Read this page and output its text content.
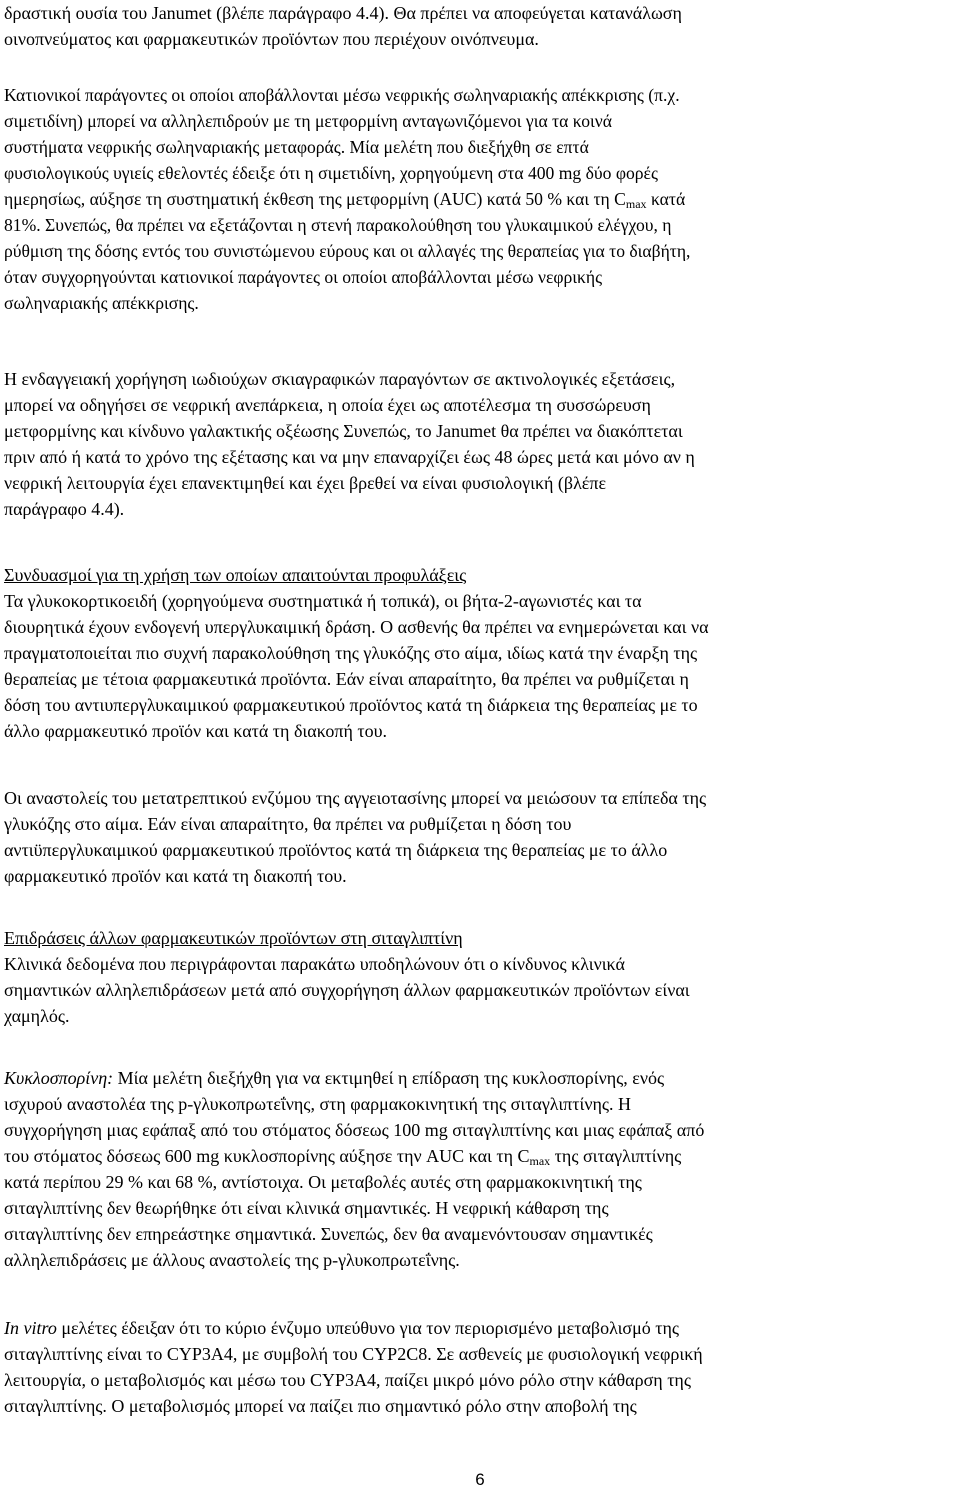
δραστική ουσία του Janumet (βλέπε παράγραφο 4.4). Θα πρέπει να αποφεύγεται κατανάλωση
οινοπνεύματος και φαρμακευτικών προϊόντων που περιέχουν οινόπνευμα.
Κατιονικοί παράγοντες οι οποίοι αποβάλλονται μέσω νεφρικής σωληναριακής απέκκρισης (π.χ.
σιμετιδίνη) μπορεί να αλληλεπιδρούν με τη μετφορμίνη ανταγωνιζόμενοι για τα κοινά
συστήματα νεφρικής σωληναριακής μεταφοράς. Μία μελέτη που διεξήχθη σε επτά
φυσιολογικούς υγιείς εθελοντές έδειξε ότι η σιμετιδίνη, χορηγούμενη στα 400 mg δύο φορές
ημερησίως, αύξησε τη συστηματική έκθεση της μετφορμίνη (AUC) κατά 50 % και τη $C_{max}$ κατά
81%. Συνεπώς, θα πρέπει να εξετάζονται η στενή παρακολούθηση του γλυκαιμικού ελέγχου, η
ρύθμιση της δόσης εντός του συνιστώμενου εύρους και οι αλλαγές της θεραπείας για το διαβήτη,
όταν συγχορηγούνται κατιονικοί παράγοντες οι οποίοι αποβάλλονται μέσω νεφρικής
σωληναριακής απέκκρισης.
Η ενδαγγειακή χορήγηση ιωδιούχων σκιαγραφικών παραγόντων σε ακτινολογικές εξετάσεις,
μπορεί να οδηγήσει σε νεφρική ανεπάρκεια, η οποία έχει ως αποτέλεσμα τη συσσώρευση
μετφορμίνης και κίνδυνο γαλακτικής οξέωσης Συνεπώς, το Janumet θα πρέπει να διακόπτεται
πριν από ή κατά το χρόνο της εξέτασης και να μην επαναρχίζει έως 48 ώρες μετά και μόνο αν η
νεφρική λειτουργία έχει επανεκτιμηθεί και έχει βρεθεί να είναι φυσιολογική (βλέπε
παράγραφο 4.4).
Συνδυασμοί για τη χρήση των οποίων απαιτούνται προφυλάξεις
Τα γλυκοκορτικοειδή (χορηγούμενα συστηματικά ή τοπικά), οι βήτα-2-αγωνιστές και τα
διουρητικά έχουν ενδογενή υπεργλυκαιμική δράση. Ο ασθενής θα πρέπει να ενημερώνεται και να
πραγματοποιείται πιο συχνή παρακολούθηση της γλυκόζης στο αίμα, ιδίως κατά την έναρξη της
θεραπείας με τέτοια φαρμακευτικά προϊόντα. Εάν είναι απαραίτητο, θα πρέπει να ρυθμίζεται η
δόση του αντιυπεργλυκαιμικού φαρμακευτικού προϊόντος κατά τη διάρκεια της θεραπείας με το
άλλο φαρμακευτικό προϊόν και κατά τη διακοπή του.
Οι αναστολείς του μετατρεπτικού ενζύμου της αγγειοτασίνης μπορεί να μειώσουν τα επίπεδα της
γλυκόζης στο αίμα. Εάν είναι απαραίτητο, θα πρέπει να ρυθμίζεται η δόση του
αντιϋπεργλυκαιμικού φαρμακευτικού προϊόντος κατά τη διάρκεια της θεραπείας με το άλλο
φαρμακευτικό προϊόν και κατά τη διακοπή του.
Επιδράσεις άλλων φαρμακευτικών προϊόντων στη σιταγλιπτίνη
Κλινικά δεδομένα που περιγράφονται παρακάτω υποδηλώνουν ότι ο κίνδυνος κλινικά
σημαντικών αλληλεπιδράσεων μετά από συγχορήγηση άλλων φαρμακευτικών προϊόντων είναι
χαμηλός.
Κυκλοσπορίνη: Μία μελέτη διεξήχθη για να εκτιμηθεί η επίδραση της κυκλοσπορίνης, ενός
ισχυρού αναστολέα της p-γλυκοπρωτεΐνης, στη φαρμακοκινητική της σιταγλιπτίνης. Η
συγχορήγηση μιας εφάπαξ από του στόματος δόσεως 100 mg σιταγλιπτίνης και μιας εφάπαξ από
του στόματος δόσεως 600 mg κυκλοσπορίνης αύξησε την AUC και τη $C_{max}$ της σιταγλιπτίνης
κατά περίπου 29 % και 68 %, αντίστοιχα. Οι μεταβολές αυτές στη φαρμακοκινητική της
σιταγλιπτίνης δεν θεωρήθηκε ότι είναι κλινικά σημαντικές. Η νεφρική κάθαρση της
σιταγλιπτίνης δεν επηρεάστηκε σημαντικά. Συνεπώς, δεν θα αναμενόντουσαν σημαντικές
αλληλεπιδράσεις με άλλους αναστολείς της p-γλυκοπρωτεΐνης.
In vitro μελέτες έδειξαν ότι το κύριο ένζυμο υπεύθυνο για τον περιορισμένο μεταβολισμό της
σιταγλιπτίνης είναι το CYP3A4, με συμβολή του CYP2C8. Σε ασθενείς με φυσιολογική νεφρική
λειτουργία, ο μεταβολισμός και μέσω του CYP3A4, παίζει μικρό μόνο ρόλο στην κάθαρση της
σιταγλιπτίνης. Ο μεταβολισμός μπορεί να παίζει πιο σημαντικό ρόλο στην αποβολή της
6
